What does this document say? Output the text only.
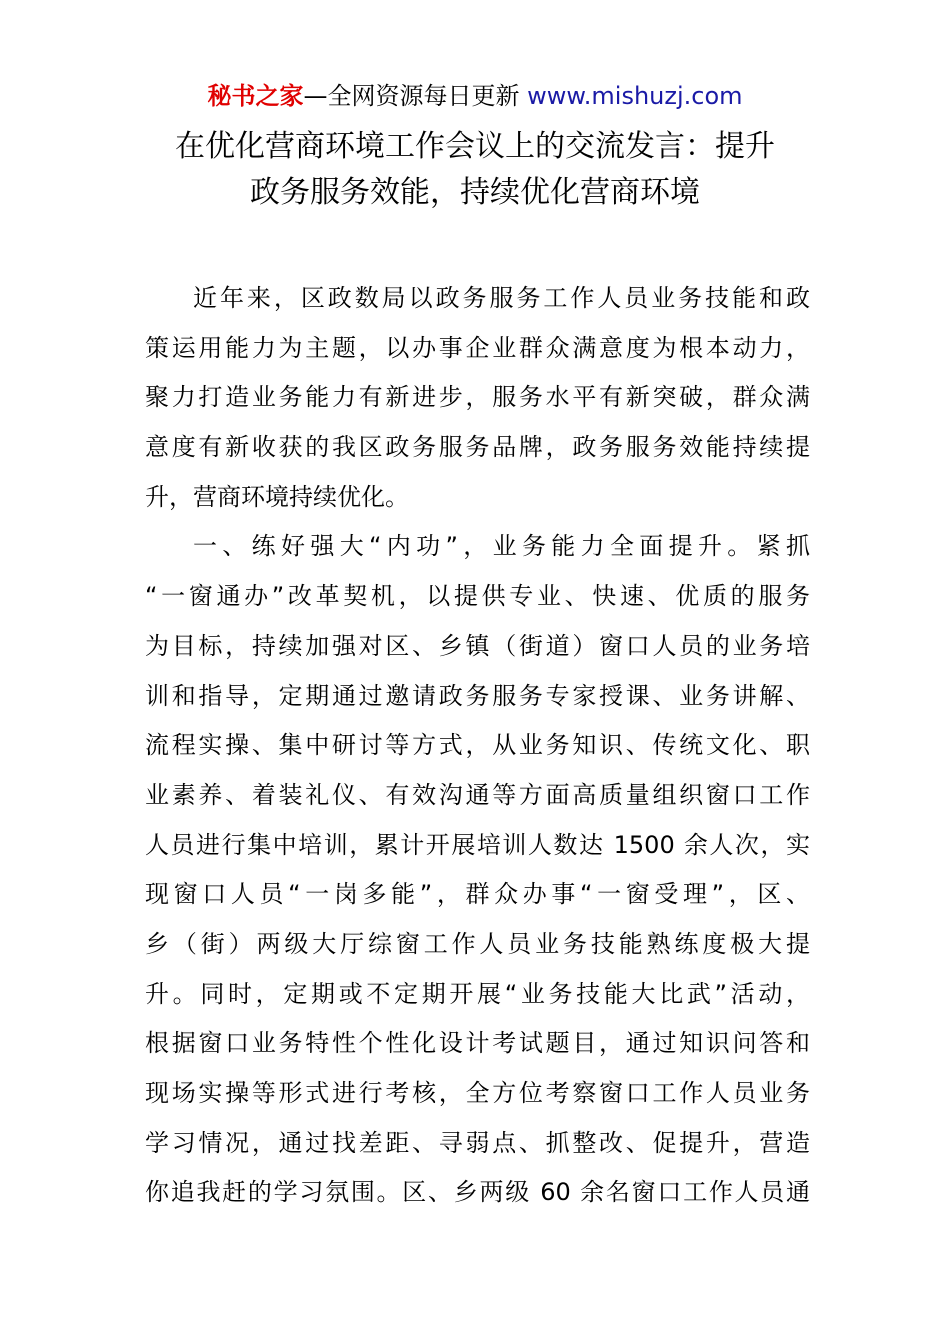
秘书之家—全网资源每日更新 www.mishuzj.com
在优化营商环境工作会议上的交流发言：提升
政务服务效能，持续优化营商环境
近年来，区政数局以政务服务工作人员业务技能和政
策运用能力为主题，以办事企业群众满意度为根本动力，
聚力打造业务能力有新进步，服务水平有新突破，群众满
意度有新收获的我区政务服务品牌，政务服务效能持续提
升，营商环境持续优化。
一、练好强大“内功”，业务能力全面提升。紧抓
“一窗通办”改革契机，以提供专业、快速、优质的服务
为目标，持续加强对区、乡镇（街道）窗口人员的业务培
训和指导，定期通过邀请政务服务专家授课、业务讲解、
流程实操、集中研讨等方式，从业务知识、传统文化、职
业素养、着装礼仪、有效沟通等方面高质量组织窗口工作
人员进行集中培训，累计开展培训人数达 1500 余人次，实
现窗口人员“一岗多能”，群众办事“一窗受理”，区、
乡（街）两级大厅综窗工作人员业务技能熟练度极大提
升。同时，定期或不定期开展“业务技能大比武”活动，
根据窗口业务特性个性化设计考试题目，通过知识问答和
现场实操等形式进行考核，全方位考察窗口工作人员业务
学习情况，通过找差距、寻弱点、抓整改、促提升，营造
你追我赶的学习氛围。区、乡两级 60 余名窗口工作人员通
